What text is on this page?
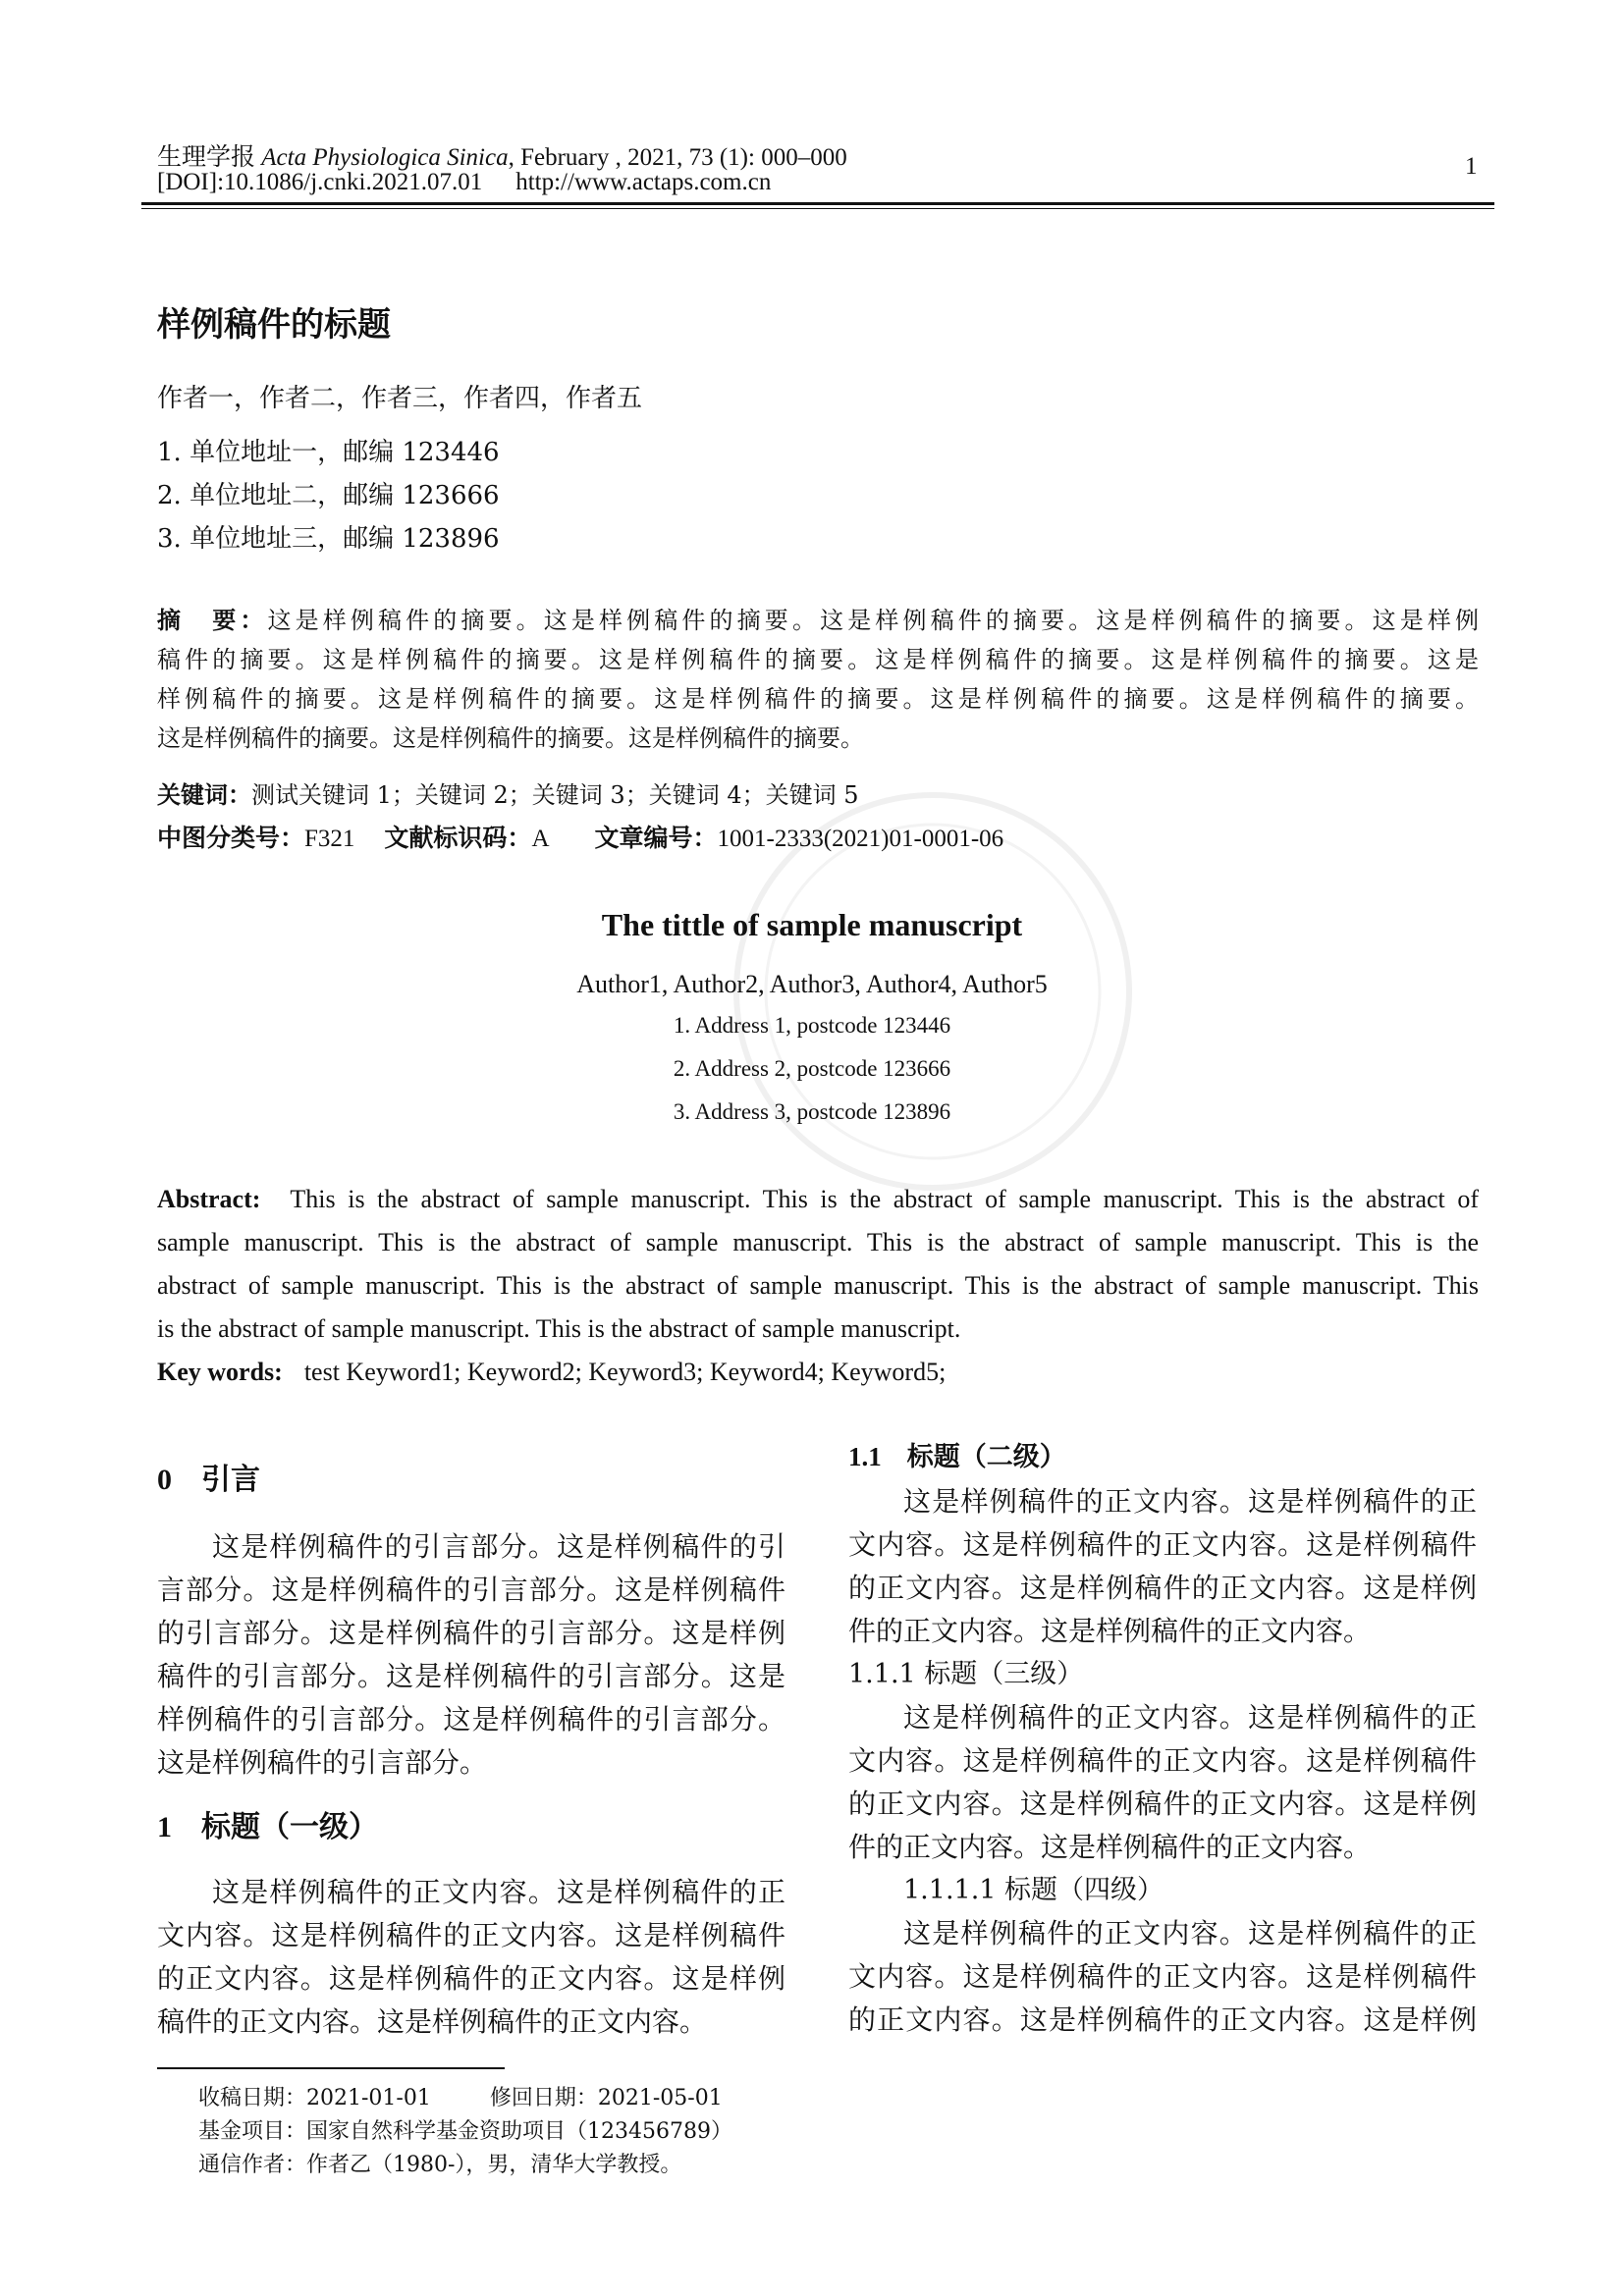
生理学报 Acta Physiologica Sinica, February , 2021, 73 (1): 000–000
[DOI]:10.1086/j.cnki.2021.07.01 http://www.actaps.com.cn
1
样例稿件的标题
作者一，作者二，作者三，作者四，作者五
1. 单位地址一，邮编 123446
2. 单位地址二，邮编 123666
3. 单位地址三，邮编 123896
摘　要：这是样例稿件的摘要。这是样例稿件的摘要。这是样例稿件的摘要。这是样例稿件的摘要。这是样例
稿件的摘要。这是样例稿件的摘要。这是样例稿件的摘要。这是样例稿件的摘要。这是样例稿件的摘要。这是
样例稿件的摘要。这是样例稿件的摘要。这是样例稿件的摘要。这是样例稿件的摘要。这是样例稿件的摘要。
这是样例稿件的摘要。这是样例稿件的摘要。这是样例稿件的摘要。
关键词：测试关键词 1；关键词 2；关键词 3；关键词 4；关键词 5
中图分类号：F321 文献标识码：A 文章编号：1001-2333(2021)01-0001-06
The tittle of sample manuscript
Author1, Author2, Author3, Author4, Author5
1. Address 1, postcode 123446
2. Address 2, postcode 123666
3. Address 3, postcode 123896
Abstract: This is the abstract of sample manuscript. This is the abstract of sample manuscript. This is the abstract of
sample manuscript. This is the abstract of sample manuscript. This is the abstract of sample manuscript. This is the
abstract of sample manuscript. This is the abstract of sample manuscript. This is the abstract of sample manuscript. This
is the abstract of sample manuscript. This is the abstract of sample manuscript.
Key words: test Keyword1; Keyword2; Keyword3; Keyword4; Keyword5;
0 引言
这是样例稿件的引言部分。这是样例稿件的引
言部分。这是样例稿件的引言部分。这是样例稿件
的引言部分。这是样例稿件的引言部分。这是样例
稿件的引言部分。这是样例稿件的引言部分。这是
样例稿件的引言部分。这是样例稿件的引言部分。
这是样例稿件的引言部分。
1 标题（一级）
这是样例稿件的正文内容。这是样例稿件的正
文内容。这是样例稿件的正文内容。这是样例稿件
的正文内容。这是样例稿件的正文内容。这是样例
稿件的正文内容。这是样例稿件的正文内容。
1.1 标题（二级）
这是样例稿件的正文内容。这是样例稿件的正
文内容。这是样例稿件的正文内容。这是样例稿件
的正文内容。这是样例稿件的正文内容。这是样例
件的正文内容。这是样例稿件的正文内容。
1.1.1 标题（三级）
这是样例稿件的正文内容。这是样例稿件的正
文内容。这是样例稿件的正文内容。这是样例稿件
的正文内容。这是样例稿件的正文内容。这是样例
件的正文内容。这是样例稿件的正文内容。
1.1.1.1 标题（四级）
这是样例稿件的正文内容。这是样例稿件的正
文内容。这是样例稿件的正文内容。这是样例稿件
的正文内容。这是样例稿件的正文内容。这是样例
收稿日期：2021-01-01	修回日期：2021-05-01
基金项目：国家自然科学基金资助项目（123456789）
通信作者：作者乙（1980-），男，清华大学教授。
